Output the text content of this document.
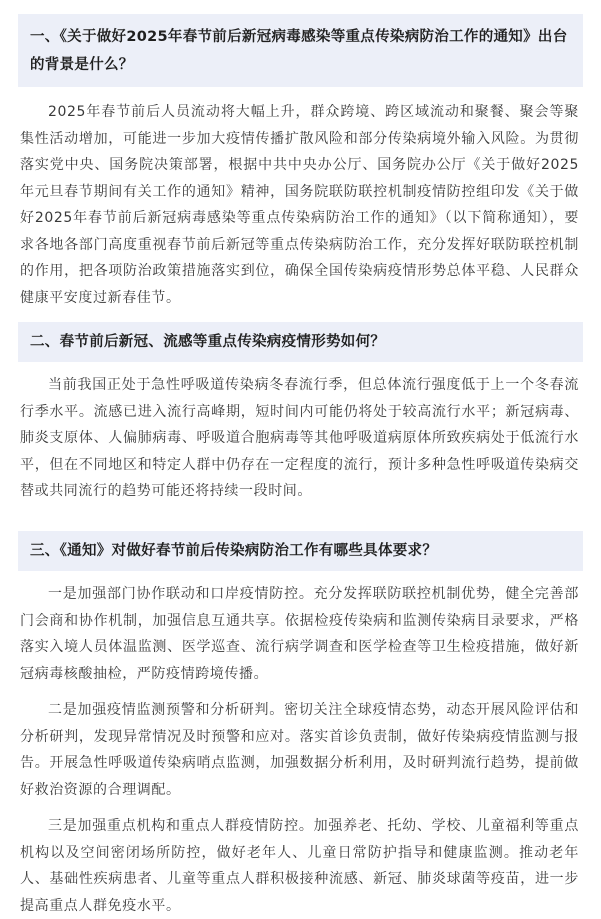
一、《关于做好2025年春节前后新冠病毒感染等重点传染病防治工作的通知》出台的背景是什么？

2025年春节前后人员流动将大幅上升，群众跨境、跨区域流动和聚餐、聚会等聚集性活动增加，可能进一步加大疫情传播扩散风险和部分传染病境外输入风险。为贯彻落实党中央、国务院决策部署，根据中共中央办公厅、国务院办公厅《关于做好2025年元旦春节期间有关工作的通知》精神，国务院联防联控机制疫情防控组印发《关于做好2025年春节前后新冠病毒感染等重点传染病防治工作的通知》（以下简称通知），要求各地各部门高度重视春节前后新冠等重点传染病防治工作，充分发挥好联防联控机制的作用，把各项防治政策措施落实到位，确保全国传染病疫情形势总体平稳、人民群众健康平安度过新春佳节。

二、春节前后新冠、流感等重点传染病疫情形势如何？

当前我国正处于急性呼吸道传染病冬春流行季，但总体流行强度低于上一个冬春流行季水平。流感已进入流行高峰期，短时间内可能仍将处于较高流行水平；新冠病毒、肺炎支原体、人偏肺病毒、呼吸道合胞病毒等其他呼吸道病原体所致疾病处于低流行水平，但在不同地区和特定人群中仍存在一定程度的流行，预计多种急性呼吸道传染病交替或共同流行的趋势可能还将持续一段时间。

三、《通知》对做好春节前后传染病防治工作有哪些具体要求？

一是加强部门协作联动和口岸疫情防控。充分发挥联防联控机制优势，健全完善部门会商和协作机制，加强信息互通共享。依据检疫传染病和监测传染病目录要求，严格落实入境人员体温监测、医学巡查、流行病学调查和医学检查等卫生检疫措施，做好新冠病毒核酸抽检，严防疫情跨境传播。

二是加强疫情监测预警和分析研判。密切关注全球疫情态势，动态开展风险评估和分析研判，发现异常情况及时预警和应对。落实首诊负责制，做好传染病疫情监测与报告。开展急性呼吸道传染病哨点监测，加强数据分析利用，及时研判流行趋势，提前做好救治资源的合理调配。

三是加强重点机构和重点人群疫情防控。加强养老、托幼、学校、儿童福利等重点机构以及空间密闭场所防控，做好老年人、儿童日常防护指导和健康监测。推动老年人、基础性疾病患者、儿童等重点人群积极接种流感、新冠、肺炎球菌等疫苗，进一步提高重点人群免疫水平。
